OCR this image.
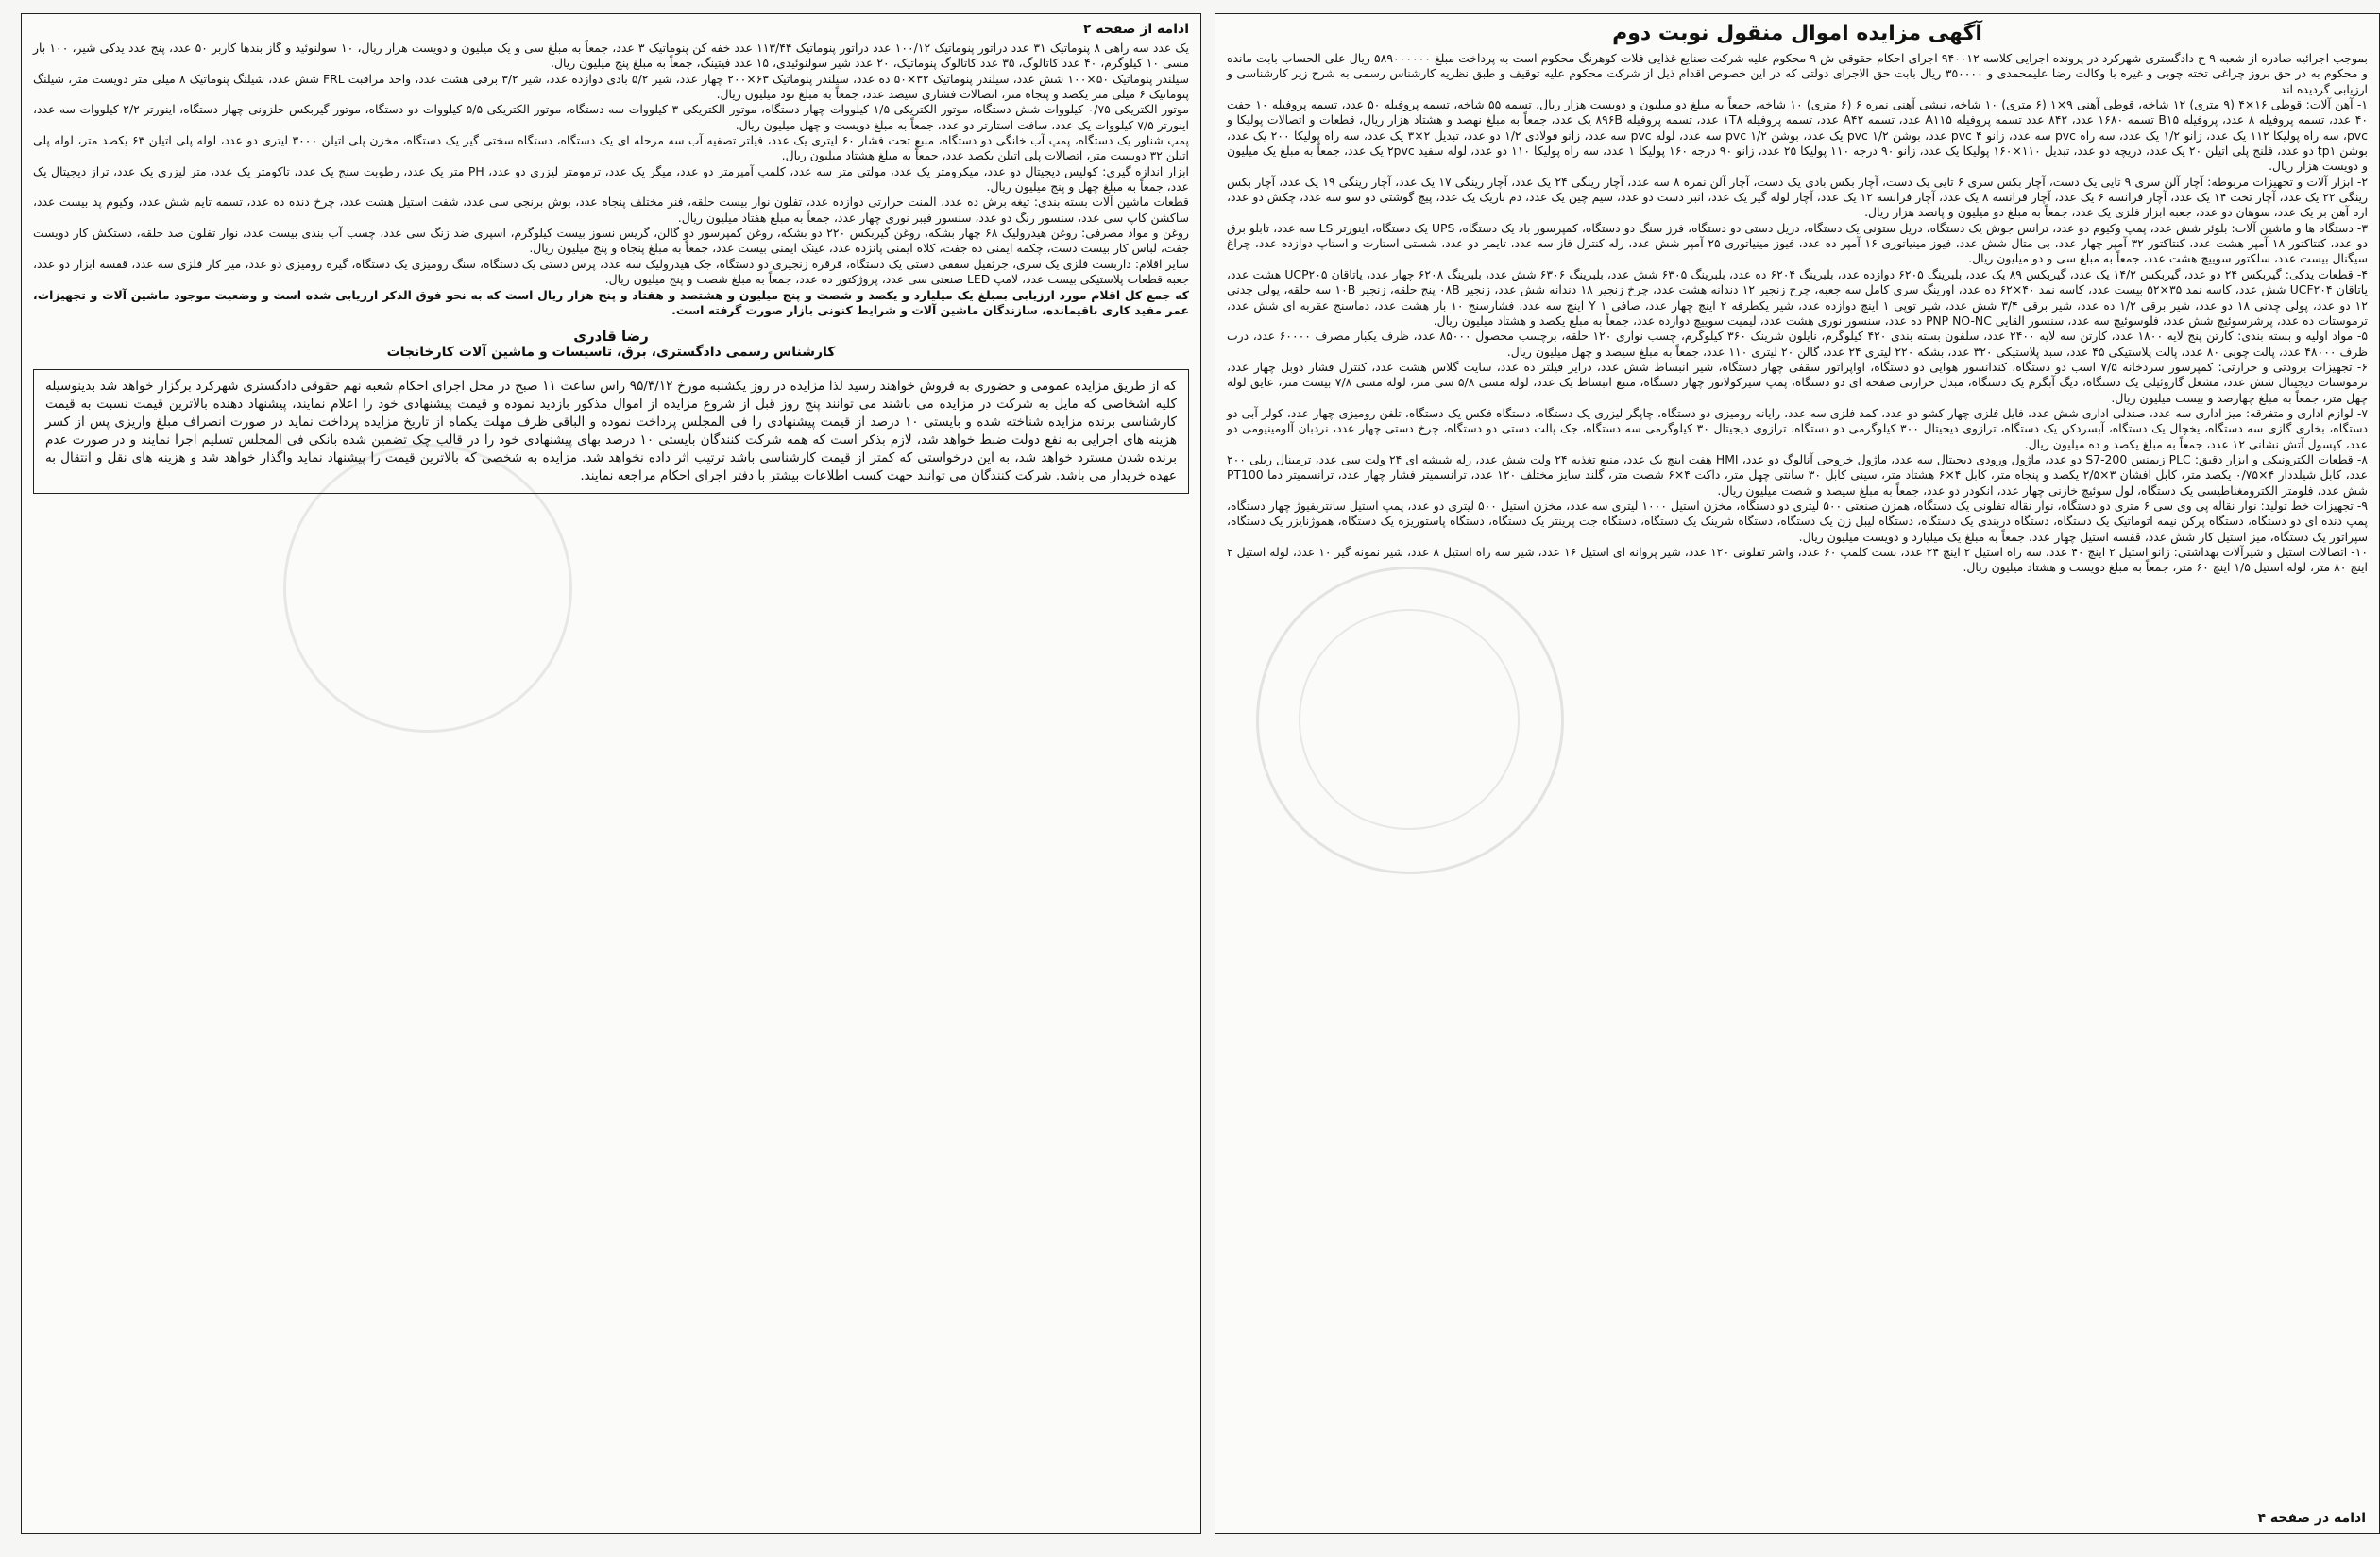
آگهی مزایده اموال منقول نوبت دوم

بموجب اجرائیه صادره از شعبه ۹ ح دادگستری شهرکرد در پرونده اجرایی کلاسه ۹۴۰۰۱۲ اجرای احکام حقوقی ش ۹ محکوم علیه شرکت صنایع غذایی فلات کوهرنگ محکوم است به پرداخت مبلغ ۵۸۹۰۰۰۰۰۰ ریال علی الحساب بابت مانده و محکوم به در حق بروز چراغی تخته چوبی و غیره با وکالت رضا علیمحمدی و ۳۵۰۰۰۰ ریال بابت حق الاجرای دولتی که در این خصوص اقدام ذیل از شرکت محکوم علیه توقیف و طبق نظریه کارشناس رسمی به شرح زیر کارشناسی و ارزیابی گردیده اند

۱- آهن آلات: قوطی ۱۶×۴ (۹ متری) ۱۲ شاخه، قوطی آهنی ۹×۱ (۶ متری) ۱۰ شاخه، نبشی آهنی نمره ۶ (۶ متری) ۱۰ شاخه، جمعاً به مبلغ دو میلیون و دویست هزار ریال، تسمه ۵۵ شاخه، تسمه پروفیله ۵۰ عدد، تسمه پروفیله ۱۰ جفت ۴۰ عدد، تسمه پروفیله ۸ عدد، پروفیله B۱۵ تسمه ۱۶۸۰ عدد، ۸۴۲ عدد تسمه پروفیله A۱۱۵ عدد، تسمه A۴۲ عدد، تسمه پروفیله ۱T۸ عدد، تسمه پروفیله ۸۹۶B یک عدد، جمعاً به مبلغ نهصد و هشتاد هزار ریال، قطعات و اتصالات پولیکا و pvc، سه راه پولیکا ۱۱۲ یک عدد، زانو ۱/۲ یک عدد، سه راه pvc سه عدد، زانو pvc ۴ عدد، بوشن ۱/۲ pvc یک عدد، بوشن ۱/۲ pvc سه عدد، لوله pvc سه عدد، زانو فولادی ۱/۲ دو عدد، تبدیل ۲×۳ یک عدد، سه راه پولیکا ۲۰۰ یک عدد، بوشن tp۱ دو عدد، فلنج پلی اتیلن ۲۰ یک عدد، دریچه دو عدد، تبدیل ۱۱۰×۱۶۰ پولیکا یک عدد، زانو ۹۰ درجه ۱۱۰ پولیکا ۲۵ عدد، زانو ۹۰ درجه ۱۶۰ پولیکا ۱ عدد، سه راه پولیکا ۱۱۰ دو عدد، لوله سفید ۲pvc یک عدد، جمعاً به مبلغ یک میلیون و دویست هزار ریال.

۲- ابزار آلات و تجهیزات مربوطه: آچار آلن سری ۹ تایی یک دست، آچار بکس سری ۶ تایی یک دست، آچار بکس بادی یک دست، آچار آلن نمره ۸ سه عدد، آچار رینگی ۲۴ یک عدد، آچار رینگی ۱۷ یک عدد، آچار رینگی ۱۹ یک عدد، آچار بکس رینگی ۲۲ یک عدد، آچار تخت ۱۴ یک عدد، آچار فرانسه ۶ یک عدد، آچار فرانسه ۸ یک عدد، آچار فرانسه ۱۲ یک عدد، آچار لوله گیر یک عدد، انبر دست دو عدد، سیم چین یک عدد، دم باریک یک عدد، پیچ گوشتی دو سو سه عدد، چکش دو عدد، اره آهن بر یک عدد، سوهان دو عدد، جعبه ابزار فلزی یک عدد، جمعاً به مبلغ دو میلیون و پانصد هزار ریال.

۳- دستگاه ها و ماشین آلات: بلوئر شش عدد، پمپ وکیوم دو عدد، ترانس جوش یک دستگاه، دریل ستونی یک دستگاه، دریل دستی دو دستگاه، فرز سنگ دو دستگاه، کمپرسور باد یک دستگاه، UPS یک دستگاه، اینورتر LS سه عدد، تابلو برق دو عدد، کنتاکتور ۱۸ آمپر هشت عدد، کنتاکتور ۳۲ آمپر چهار عدد، بی متال شش عدد، فیوز مینیاتوری ۱۶ آمپر ده عدد، فیوز مینیاتوری ۲۵ آمپر شش عدد، رله کنترل فاز سه عدد، تایمر دو عدد، شستی استارت و استاپ دوازده عدد، چراغ سیگنال بیست عدد، سلکتور سوییچ هشت عدد، جمعاً به مبلغ سی و دو میلیون ریال.

۴- قطعات یدکی: گیربکس ۲۴ دو عدد، گیربکس ۱۴/۲ یک عدد، گیربکس ۸۹ یک عدد، بلبرینگ ۶۲۰۵ دوازده عدد، بلبرینگ ۶۲۰۴ ده عدد، بلبرینگ ۶۳۰۵ شش عدد، بلبرینگ ۶۳۰۶ شش عدد، بلبرینگ ۶۲۰۸ چهار عدد، یاتاقان UCP۲۰۵ هشت عدد، یاتاقان UCF۲۰۴ شش عدد، کاسه نمد ۳۵×۵۲ بیست عدد، کاسه نمد ۴۰×۶۲ ده عدد، اورینگ سری کامل سه جعبه، چرخ زنجیر ۱۲ دندانه هشت عدد، چرخ زنجیر ۱۸ دندانه شش عدد، زنجیر ۰۸B پنج حلقه، زنجیر ۱۰B سه حلقه، پولی چدنی ۱۲ دو عدد، پولی چدنی ۱۸ دو عدد، شیر برقی ۱/۲ ده عدد، شیر برقی ۳/۴ شش عدد، شیر توپی ۱ اینچ دوازده عدد، شیر یکطرفه ۲ اینچ چهار عدد، صافی Y ۱ اینچ سه عدد، فشارسنج ۱۰ بار هشت عدد، دماسنج عقربه ای شش عدد، ترموستات ده عدد، پرشرسوئیچ شش عدد، فلوسوئیچ سه عدد، سنسور القایی PNP NO-NC ده عدد، سنسور نوری هشت عدد، لیمیت سوییچ دوازده عدد، جمعاً به مبلغ یکصد و هشتاد میلیون ریال.

۵- مواد اولیه و بسته بندی: کارتن پنج لایه ۱۸۰۰ عدد، کارتن سه لایه ۲۴۰۰ عدد، سلفون بسته بندی ۴۲۰ کیلوگرم، نایلون شرینک ۳۶۰ کیلوگرم، چسب نواری ۱۲۰ حلقه، برچسب محصول ۸۵۰۰۰ عدد، ظرف یکبار مصرف ۶۰۰۰۰ عدد، درب ظرف ۴۸۰۰۰ عدد، پالت چوبی ۸۰ عدد، پالت پلاستیکی ۴۵ عدد، سبد پلاستیکی ۳۲۰ عدد، بشکه ۲۲۰ لیتری ۲۴ عدد، گالن ۲۰ لیتری ۱۱۰ عدد، جمعاً به مبلغ سیصد و چهل میلیون ریال.

۶- تجهیزات برودتی و حرارتی: کمپرسور سردخانه ۷/۵ اسب دو دستگاه، کندانسور هوایی دو دستگاه، اواپراتور سقفی چهار دستگاه، شیر انبساط شش عدد، درایر فیلتر ده عدد، سایت گلاس هشت عدد، کنترل فشار دوبل چهار عدد، ترموستات دیجیتال شش عدد، مشعل گازوئیلی یک دستگاه، دیگ آبگرم یک دستگاه، مبدل حرارتی صفحه ای دو دستگاه، پمپ سیرکولاتور چهار دستگاه، منبع انبساط یک عدد، لوله مسی ۵/۸ سی متر، لوله مسی ۷/۸ بیست متر، عایق لوله چهل متر، جمعاً به مبلغ چهارصد و بیست میلیون ریال.

۷- لوازم اداری و متفرقه: میز اداری سه عدد، صندلی اداری شش عدد، فایل فلزی چهار کشو دو عدد، کمد فلزی سه عدد، رایانه رومیزی دو دستگاه، چاپگر لیزری یک دستگاه، دستگاه فکس یک دستگاه، تلفن رومیزی چهار عدد، کولر آبی دو دستگاه، بخاری گازی سه دستگاه، یخچال یک دستگاه، آبسردکن یک دستگاه، ترازوی دیجیتال ۳۰۰ کیلوگرمی دو دستگاه، ترازوی دیجیتال ۳۰ کیلوگرمی سه دستگاه، جک پالت دستی دو دستگاه، چرخ دستی چهار عدد، نردبان آلومینیومی دو عدد، کپسول آتش نشانی ۱۲ عدد، جمعاً به مبلغ یکصد و ده میلیون ریال.

۸- قطعات الکترونیکی و ابزار دقیق: PLC زیمنس S7-200 دو عدد، ماژول ورودی دیجیتال سه عدد، ماژول خروجی آنالوگ دو عدد، HMI هفت اینچ یک عدد، منبع تغذیه ۲۴ ولت شش عدد، رله شیشه ای ۲۴ ولت سی عدد، ترمینال ریلی ۲۰۰ عدد، کابل شیلددار ۴×۰/۷۵ یکصد متر، کابل افشان ۳×۲/۵ یکصد و پنجاه متر، کابل ۴×۶ هشتاد متر، سینی کابل ۳۰ سانتی چهل متر، داکت ۴×۶ شصت متر، گلند سایز مختلف ۱۲۰ عدد، ترانسمیتر فشار چهار عدد، ترانسمیتر دما PT100 شش عدد، فلومتر الکترومغناطیسی یک دستگاه، لول سوئیچ خازنی چهار عدد، انکودر دو عدد، جمعاً به مبلغ سیصد و شصت میلیون ریال.

۹- تجهیزات خط تولید: نوار نقاله پی وی سی ۶ متری دو دستگاه، نوار نقاله تفلونی یک دستگاه، همزن صنعتی ۵۰۰ لیتری دو دستگاه، مخزن استیل ۱۰۰۰ لیتری سه عدد، مخزن استیل ۵۰۰ لیتری دو عدد، پمپ استیل سانتریفیوژ چهار دستگاه، پمپ دنده ای دو دستگاه، دستگاه پرکن نیمه اتوماتیک یک دستگاه، دستگاه دربندی یک دستگاه، دستگاه لیبل زن یک دستگاه، دستگاه شرینک یک دستگاه، دستگاه جت پرینتر یک دستگاه، دستگاه پاستوریزه یک دستگاه، هموژنایزر یک دستگاه، سپراتور یک دستگاه، میز استیل کار شش عدد، قفسه استیل چهار عدد، جمعاً به مبلغ یک میلیارد و دویست میلیون ریال.

۱۰- اتصالات استیل و شیرآلات بهداشتی: زانو استیل ۲ اینچ ۴۰ عدد، سه راه استیل ۲ اینچ ۲۴ عدد، بست کلمپ ۶۰ عدد، واشر تفلونی ۱۲۰ عدد، شیر پروانه ای استیل ۱۶ عدد، شیر سه راه استیل ۸ عدد، شیر نمونه گیر ۱۰ عدد، لوله استیل ۲ اینچ ۸۰ متر، لوله استیل ۱/۵ اینچ ۶۰ متر، جمعاً به مبلغ دویست و هشتاد میلیون ریال.

ادامه در صفحه ۴
ادامه از صفحه ۲

یک عدد سه راهی ۸ پنوماتیک ۳۱ عدد دراتور پنوماتیک ۱۰۰/۱۲ عدد دراتور پنوماتیک ۱۱۳/۴۴ عدد خفه کن پنوماتیک ۳ عدد، جمعاً به مبلغ سی و یک میلیون و دویست هزار ریال، ۱۰ سولنوئید و گاز بندها کاربر ۵۰ عدد، پنج عدد یدکی شیر، ۱۰۰ بار مسی ۱۰ کیلوگرم، ۴۰ عدد کاتالوگ، ۳۵ عدد کاتالوگ پنوماتیک، ۲۰ عدد شیر سولنوئیدی، ۱۵ عدد فیتینگ، جمعاً به مبلغ پنج میلیون ریال.

سیلندر پنوماتیک ۵۰×۱۰۰ شش عدد، سیلندر پنوماتیک ۳۲×۵۰ ده عدد، سیلندر پنوماتیک ۶۳×۲۰۰ چهار عدد، شیر ۵/۲ بادی دوازده عدد، شیر ۳/۲ برقی هشت عدد، واحد مراقبت FRL شش عدد، شیلنگ پنوماتیک ۸ میلی متر دویست متر، شیلنگ پنوماتیک ۶ میلی متر یکصد و پنجاه متر، اتصالات فشاری سیصد عدد، جمعاً به مبلغ نود میلیون ریال.

موتور الکتریکی ۰/۷۵ کیلووات شش دستگاه، موتور الکتریکی ۱/۵ کیلووات چهار دستگاه، موتور الکتریکی ۳ کیلووات سه دستگاه، موتور الکتریکی ۵/۵ کیلووات دو دستگاه، موتور گیربکس حلزونی چهار دستگاه، اینورتر ۲/۲ کیلووات سه عدد، اینورتر ۷/۵ کیلووات یک عدد، سافت استارتر دو عدد، جمعاً به مبلغ دویست و چهل میلیون ریال.

پمپ شناور یک دستگاه، پمپ آب خانگی دو دستگاه، منبع تحت فشار ۶۰ لیتری یک عدد، فیلتر تصفیه آب سه مرحله ای یک دستگاه، دستگاه سختی گیر یک دستگاه، مخزن پلی اتیلن ۳۰۰۰ لیتری دو عدد، لوله پلی اتیلن ۶۳ یکصد متر، لوله پلی اتیلن ۳۲ دویست متر، اتصالات پلی اتیلن یکصد عدد، جمعاً به مبلغ هشتاد میلیون ریال.

ابزار اندازه گیری: کولیس دیجیتال دو عدد، میکرومتر یک عدد، مولتی متر سه عدد، کلمپ آمپرمتر دو عدد، میگر یک عدد، ترمومتر لیزری دو عدد، PH متر یک عدد، رطوبت سنج یک عدد، تاکومتر یک عدد، متر لیزری یک عدد، تراز دیجیتال یک عدد، جمعاً به مبلغ چهل و پنج میلیون ریال.

قطعات ماشین آلات بسته بندی: تیغه برش ده عدد، المنت حرارتی دوازده عدد، تفلون نوار بیست حلقه، فنر مختلف پنجاه عدد، بوش برنجی سی عدد، شفت استیل هشت عدد، چرخ دنده ده عدد، تسمه تایم شش عدد، وکیوم پد بیست عدد، ساکشن کاپ سی عدد، سنسور رنگ دو عدد، سنسور فیبر نوری چهار عدد، جمعاً به مبلغ هفتاد میلیون ریال.

روغن و مواد مصرفی: روغن هیدرولیک ۶۸ چهار بشکه، روغن گیربکس ۲۲۰ دو بشکه، روغن کمپرسور دو گالن، گریس نسوز بیست کیلوگرم، اسپری ضد زنگ سی عدد، چسب آب بندی بیست عدد، نوار تفلون صد حلقه، دستکش کار دویست جفت، لباس کار بیست دست، چکمه ایمنی ده جفت، کلاه ایمنی پانزده عدد، عینک ایمنی بیست عدد، جمعاً به مبلغ پنجاه و پنج میلیون ریال.

سایر اقلام: داربست فلزی یک سری، جرثقیل سقفی دستی یک دستگاه، قرقره زنجیری دو دستگاه، جک هیدرولیک سه عدد، پرس دستی یک دستگاه، سنگ رومیزی یک دستگاه، گیره رومیزی دو عدد، میز کار فلزی سه عدد، قفسه ابزار دو عدد، جعبه قطعات پلاستیکی بیست عدد، لامپ LED صنعتی سی عدد، پروژکتور ده عدد، جمعاً به مبلغ شصت و پنج میلیون ریال.

که جمع کل اقلام مورد ارزیابی بمبلغ یک میلیارد و یکصد و شصت و پنج میلیون و هشتصد و هفتاد و پنج هزار ریال است که به نحو فوق الذکر ارزیابی شده است و وضعیت موجود ماشین آلات و تجهیزات، عمر مفید کاری باقیمانده، سازندگان ماشین آلات و شرایط کنونی بازار صورت گرفته است.

رضا قادری
کارشناس رسمی دادگستری، برق، تاسیسات و ماشین آلات کارخانجات
که از طریق مزایده عمومی و حضوری به فروش خواهند رسید لذا مزایده در روز یکشنبه مورخ ۹۵/۳/۱۲ راس ساعت ۱۱ صبح در محل اجرای احکام شعبه نهم حقوقی دادگستری شهرکرد برگزار خواهد شد بدینوسیله کلیه اشخاصی که مایل به شرکت در مزایده می باشند می توانند پنج روز قبل از شروع مزایده از اموال مذکور بازدید نموده و قیمت پیشنهادی خود را اعلام نمایند، پیشنهاد دهنده بالاترین قیمت نسبت به قیمت کارشناسی برنده مزایده شناخته شده و بایستی ۱۰ درصد از قیمت پیشنهادی را فی المجلس پرداخت نموده و الباقی ظرف مهلت یکماه از تاریخ مزایده پرداخت نماید در صورت انصراف مبلغ واریزی پس از کسر هزینه های اجرایی به نفع دولت ضبط خواهد شد، لازم بذکر است که همه شرکت کنندگان بایستی ۱۰ درصد بهای پیشنهادی خود را در قالب چک تضمین شده بانکی فی المجلس تسلیم اجرا نمایند و در صورت عدم برنده شدن مسترد خواهد شد، به این درخواستی که کمتر از قیمت کارشناسی باشد ترتیب اثر داده نخواهد شد. مزایده به شخصی که بالاترین قیمت را پیشنهاد نماید واگذار خواهد شد و هزینه های نقل و انتقال به عهده خریدار می باشد. شرکت کنندگان می توانند جهت کسب اطلاعات بیشتر با دفتر اجرای احکام مراجعه نمایند.
